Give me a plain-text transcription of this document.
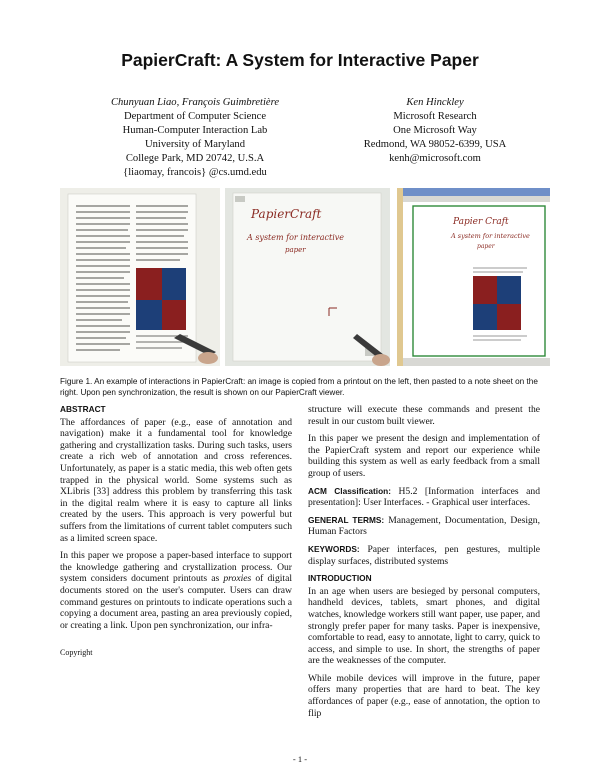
PapierCraft: A System for Interactive Paper
Chunyuan Liao, François Guimbretière
Department of Computer Science
Human-Computer Interaction Lab
University of Maryland
College Park, MD 20742, U.S.A
{liaomay, francois} @cs.umd.edu
Ken Hinckley
Microsoft Research
One Microsoft Way
Redmond, WA 98052-6399, USA
kenh@microsoft.com
PapierCraft
A system for interactive
paper
Papier Craft
A system for interactive
paper
Figure 1. An example of interactions in PapierCraft: an image is copied from a printout on the left, then pasted to a note sheet on the right. Upon pen synchronization, the result is shown on our PapierCraft viewer.
ABSTRACT

The affordances of paper (e.g., ease of annotation and navigation) make it a fundamental tool for knowledge gathering and crystallization tasks. During such tasks, users create a rich web of annotation and cross references. Unfortunately, as paper is a static media, this web often gets trapped in the physical world. Some systems such as XLibris [33] address this problem by transferring this task in the digital realm where it is easy to capture all links created by the users. This approach is very powerful but suffers from the limitations of current tablet computers such as a limited screen space.

In this paper we propose a paper-based interface to support the knowledge gathering and crystallization process. Our system considers document printouts as proxies of digital documents stored on the user's computer. Users can draw command gestures on printouts to indicate operations such a copying a document area, pasting an area previously copied, or creating a link. Upon pen synchronization, our infra-

Copyright

structure will execute these commands and present the result in our custom built viewer.

In this paper we present the design and implementation of the PapierCraft system and report our experience while building this system as well as early feedback from a small group of users.

ACM Classification: H5.2 [Information interfaces and presentation]: User Interfaces. - Graphical user interfaces.

GENERAL TERMS: Management, Documentation, Design, Human Factors

KEYWORDS: Paper interfaces, pen gestures, multiple display surfaces, distributed systems

INTRODUCTION

In an age when users are besieged by personal computers, handheld devices, tablets, smart phones, and digital watches, knowledge workers still want paper, use paper, and strongly prefer paper for many tasks. Paper is inexpensive, comfortable to read, easy to annotate, light to carry, quick to access, and simple to use. In short, the strengths of paper are the weaknesses of the computer.

While mobile devices will improve in the future, paper offers many properties that are hard to beat. The key affordances of paper (e.g., ease of annotation, the option to flip

- 1 -
